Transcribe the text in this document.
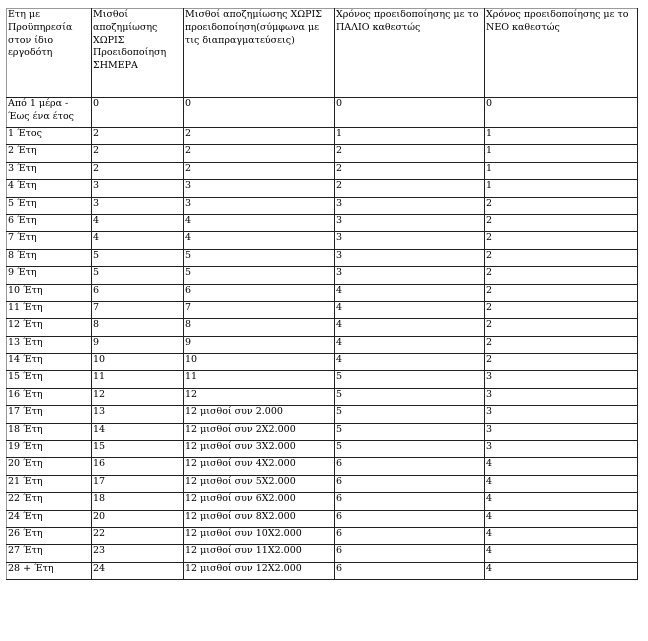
Ετη με Προϋπηρεσία στον ίδιο εργοδότη	Μισθοί αποζημίωσης ΧΩΡΙΣ Προειδοποίηση ΣΗΜΕΡΑ	Μισθοί αποζημίωσης ΧΩΡΙΣ προειδοποίηση(σύμφωνα με τις διαπραγματεύσεις)	Χρόνος προειδοποίησης με το ΠΑΛΙΟ καθεστώς	Χρόνος προειδοποίησης με το ΝΕΟ καθεστώς
Από 1 μέρα - Έως ένα έτος	0	0	0	0
1 Έτος	2	2	1	1
2 Έτη	2	2	2	1
3 Έτη	2	2	2	1
4 Έτη	3	3	2	1
5 Έτη	3	3	3	2
6 Έτη	4	4	3	2
7 Έτη	4	4	3	2
8 Έτη	5	5	3	2
9 Έτη	5	5	3	2
10 Έτη	6	6	4	2
11 Έτη	7	7	4	2
12 Έτη	8	8	4	2
13 Έτη	9	9	4	2
14 Έτη	10	10	4	2
15 Έτη	11	11	5	3
16 Έτη	12	12	5	3
17 Έτη	13	12 μισθοί συν 2.000	5	3
18 Έτη	14	12 μισθοί συν 2Χ2.000	5	3
19 Έτη	15	12 μισθοί συν 3Χ2.000	5	3
20 Έτη	16	12 μισθοί συν 4Χ2.000	6	4
21 Έτη	17	12 μισθοί συν 5Χ2.000	6	4
22 Έτη	18	12 μισθοί συν 6Χ2.000	6	4
24 Έτη	20	12 μισθοί συν 8Χ2.000	6	4
26 Έτη	22	12 μισθοί συν 10Χ2.000	6	4
27 Έτη	23	12 μισθοί συν 11Χ2.000	6	4
28 + Έτη	24	12 μισθοί συν 12Χ2.000	6	4
